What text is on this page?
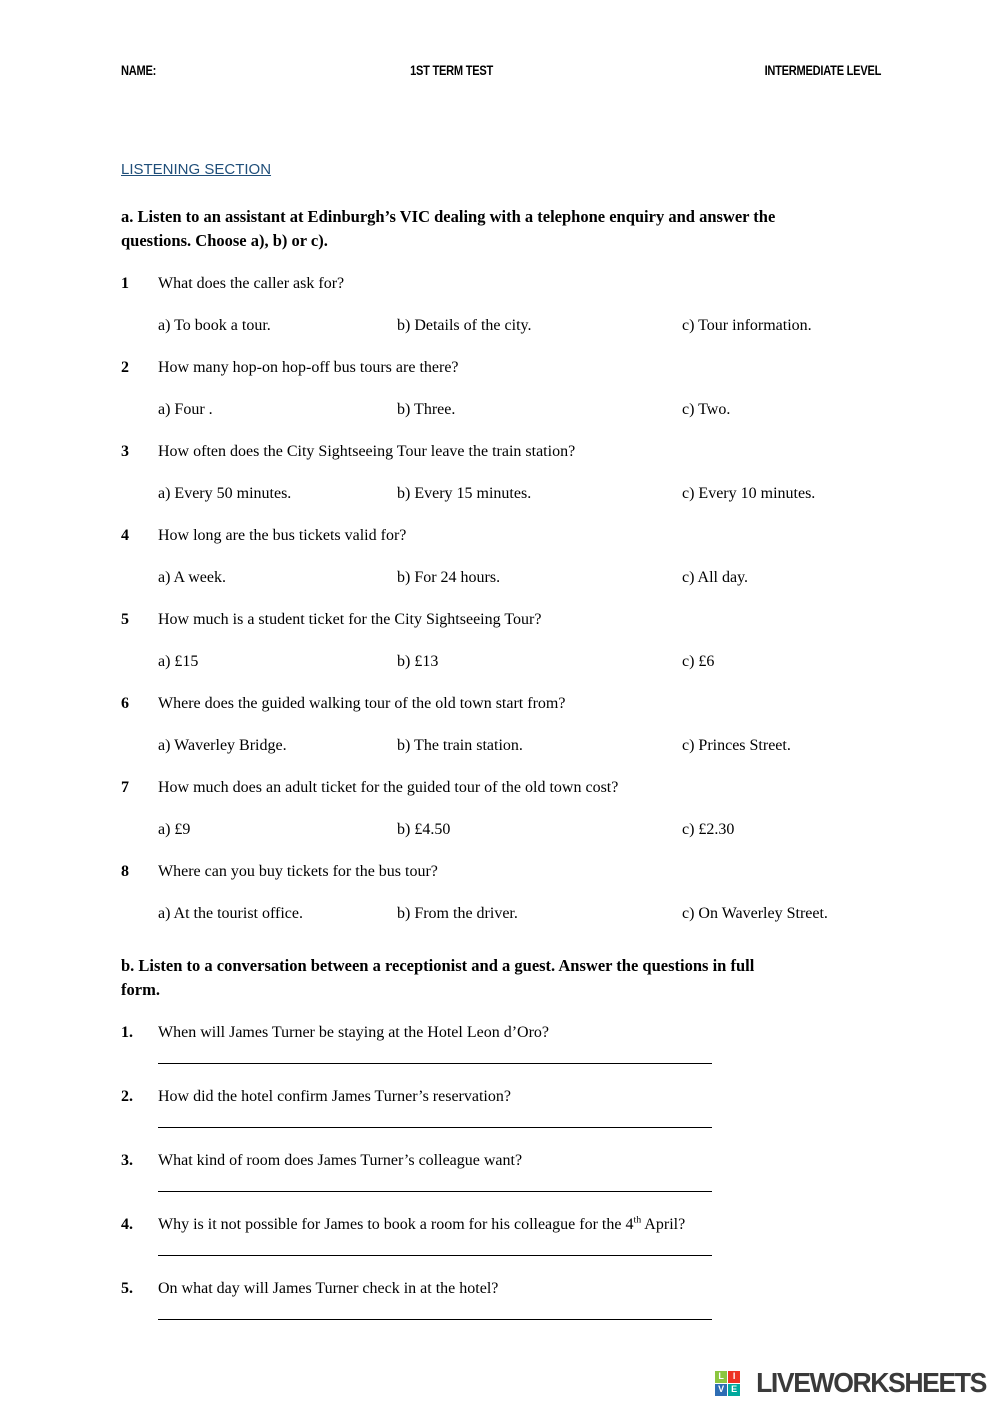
NAME:	1ST TERM TEST	INTERMEDIATE LEVEL
LISTENING SECTION
a. Listen to an assistant at Edinburgh’s VIC dealing with a telephone enquiry and answer the
questions. Choose a), b) or c).
1	What does the caller ask for?
a) To book a tour.	b) Details of the city.	c) Tour information.
2	How many hop-on hop-off bus tours are there?
a) Four .	b) Three.	c) Two.
3	How often does the City Sightseeing Tour leave the train station?
a) Every 50 minutes.	b) Every 15 minutes.	c) Every 10 minutes.
4	How long are the bus tickets valid for?
a) A week.	b) For 24 hours.	c) All day.
5	How much is a student ticket for the City Sightseeing Tour?
a) £15	b) £13	c) £6
6	Where does the guided walking tour of the old town start from?
a) Waverley Bridge.	b) The train station.	c) Princes Street.
7	How much does an adult ticket for the guided tour of the old town cost?
a) £9	b) £4.50	c) £2.30
8	Where can you buy tickets for the bus tour?
a) At the tourist office.	b) From the driver.	c) On Waverley Street.
b. Listen to a conversation between a receptionist and a guest. Answer the questions in full
form.
1.	When will James Turner be staying at the Hotel Leon d’Oro?
2.	How did the hotel confirm James Turner’s reservation?
3.	What kind of room does James Turner’s colleague want?
4.	Why is it not possible for James to book a room for his colleague for the 4th April?
5.	On what day will James Turner check in at the hotel?
L I
V E LIVEWORKSHEETS
